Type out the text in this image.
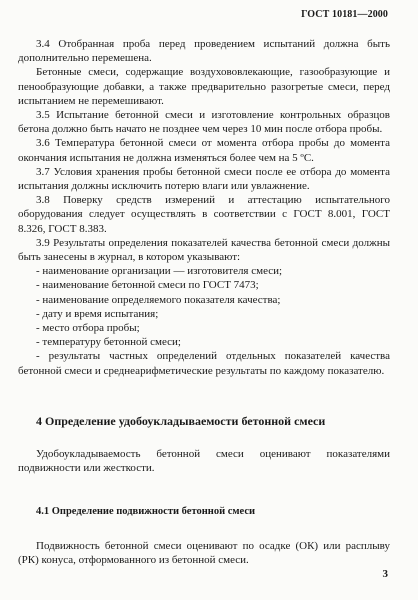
ГОСТ 10181—2000

3.4 Отобранная проба перед проведением испытаний должна быть дополнительно перемешена.

Бетонные смеси, содержащие воздухововлекающие, газообразующие и пенообразующие добавки, а также предварительно разогретые смеси, перед испытанием не перемешивают.

3.5 Испытание бетонной смеси и изготовление контрольных образцов бетона должно быть начато не позднее чем через 10 мин после отбора пробы.

3.6 Температура бетонной смеси от момента отбора пробы до момента окончания испытания не должна изменяться более чем на 5 ºС.

3.7 Условия хранения пробы бетонной смеси после ее отбора до момента испытания должны исключить потерю влаги или увлажнение.

3.8 Поверку средств измерений и аттестацию испытательного оборудования следует осуществлять в соответствии с ГОСТ 8.001, ГОСТ 8.326, ГОСТ 8.383.

3.9 Результаты определения показателей качества бетонной смеси должны быть занесены в журнал, в котором указывают:

- наименование организации — изготовителя смеси;

- наименование бетонной смеси по ГОСТ 7473;

- наименование определяемого показателя качества;

- дату и время испытания;

- место отбора пробы;

- температуру бетонной смеси;

- результаты частных определений отдельных показателей качества бетонной смеси и среднеарифметические результаты по каждому показателю.

4 Определение удобоукладываемости бетонной смеси

Удобоукладываемость бетонной смеси оценивают показателями подвижности или жесткости.

4.1 Определение подвижности бетонной смеси

Подвижность бетонной смеси оценивают по осадке (ОК) или расплыву (РК) конуса, отформованного из бетонной смеси.

3
